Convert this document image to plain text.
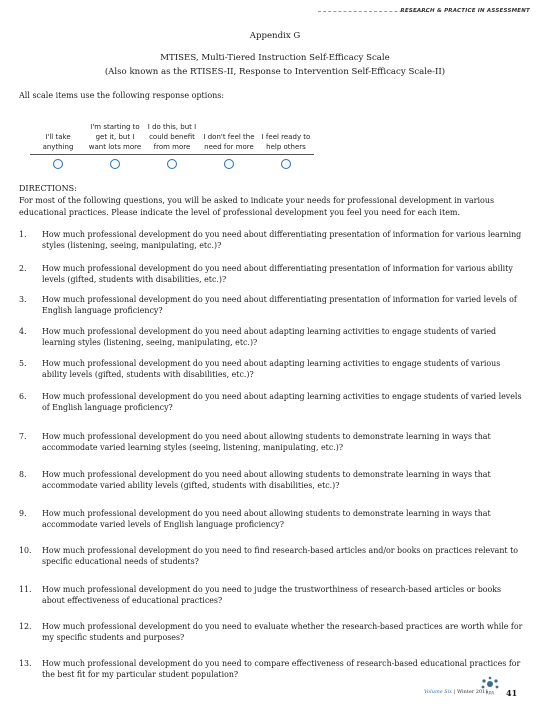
RESEARCH & PRACTICE IN ASSESSMENT
Appendix G
MTISES, Multi-Tiered Instruction Self-Efficacy Scale
(Also known as the RTISES-II, Response to Intervention Self-Efficacy Scale-II)
All scale items use the following response options:
I'll take anything
I'm starting to get it, but I want lots more
I do this, but I could benefit from more
I don't feel the need for more
I feel ready to help others
DIRECTIONS:
For most of the following questions, you will be asked to indicate your needs for professional development in various educational practices. Please indicate the level of professional development you feel you need for each item.
1.	How much professional development do you need about differentiating presentation of information for various learning styles (listening, seeing, manipulating, etc.)?
2.	How much professional development do you need about differentiating presentation of information for various ability levels (gifted, students with disabilities, etc.)?
3.	How much professional development do you need about differentiating presentation of information for varied levels of English language proficiency?
4.	How much professional development do you need about adapting learning activities to engage students of varied learning styles (listening, seeing, manipulating, etc.)?
5.	How much professional development do you need about adapting learning activities to engage students of various ability levels (gifted, students with disabilities, etc.)?
6.	How much professional development do you need about adapting learning activities to engage students of varied levels of English language proficiency?
7.	How much professional development do you need about allowing students to demonstrate learning in ways that accommodate varied learning styles (seeing, listening, manipulating, etc.)?
8.	How much professional development do you need about allowing students to demonstrate learning in ways that accommodate varied ability levels (gifted, students with disabilities, etc.)?
9.	How much professional development do you need about allowing students to demonstrate learning in ways that accommodate varied levels of English language proficiency?
10.	How much professional development do you need to find research-based articles and/or books on practices relevant to specific educational needs of students?
11.	How much professional development do you need to judge the trustworthiness of research-based articles or books about effectiveness of educational practices?
12.	How much professional development do you need to evaluate whether the research-based practices are worth while for my specific students and purposes?
13.	How much professional development do you need to compare effectiveness of research-based educational practices for the best fit for my particular student population?
Volume Six | Winter 2011
RPA 41
